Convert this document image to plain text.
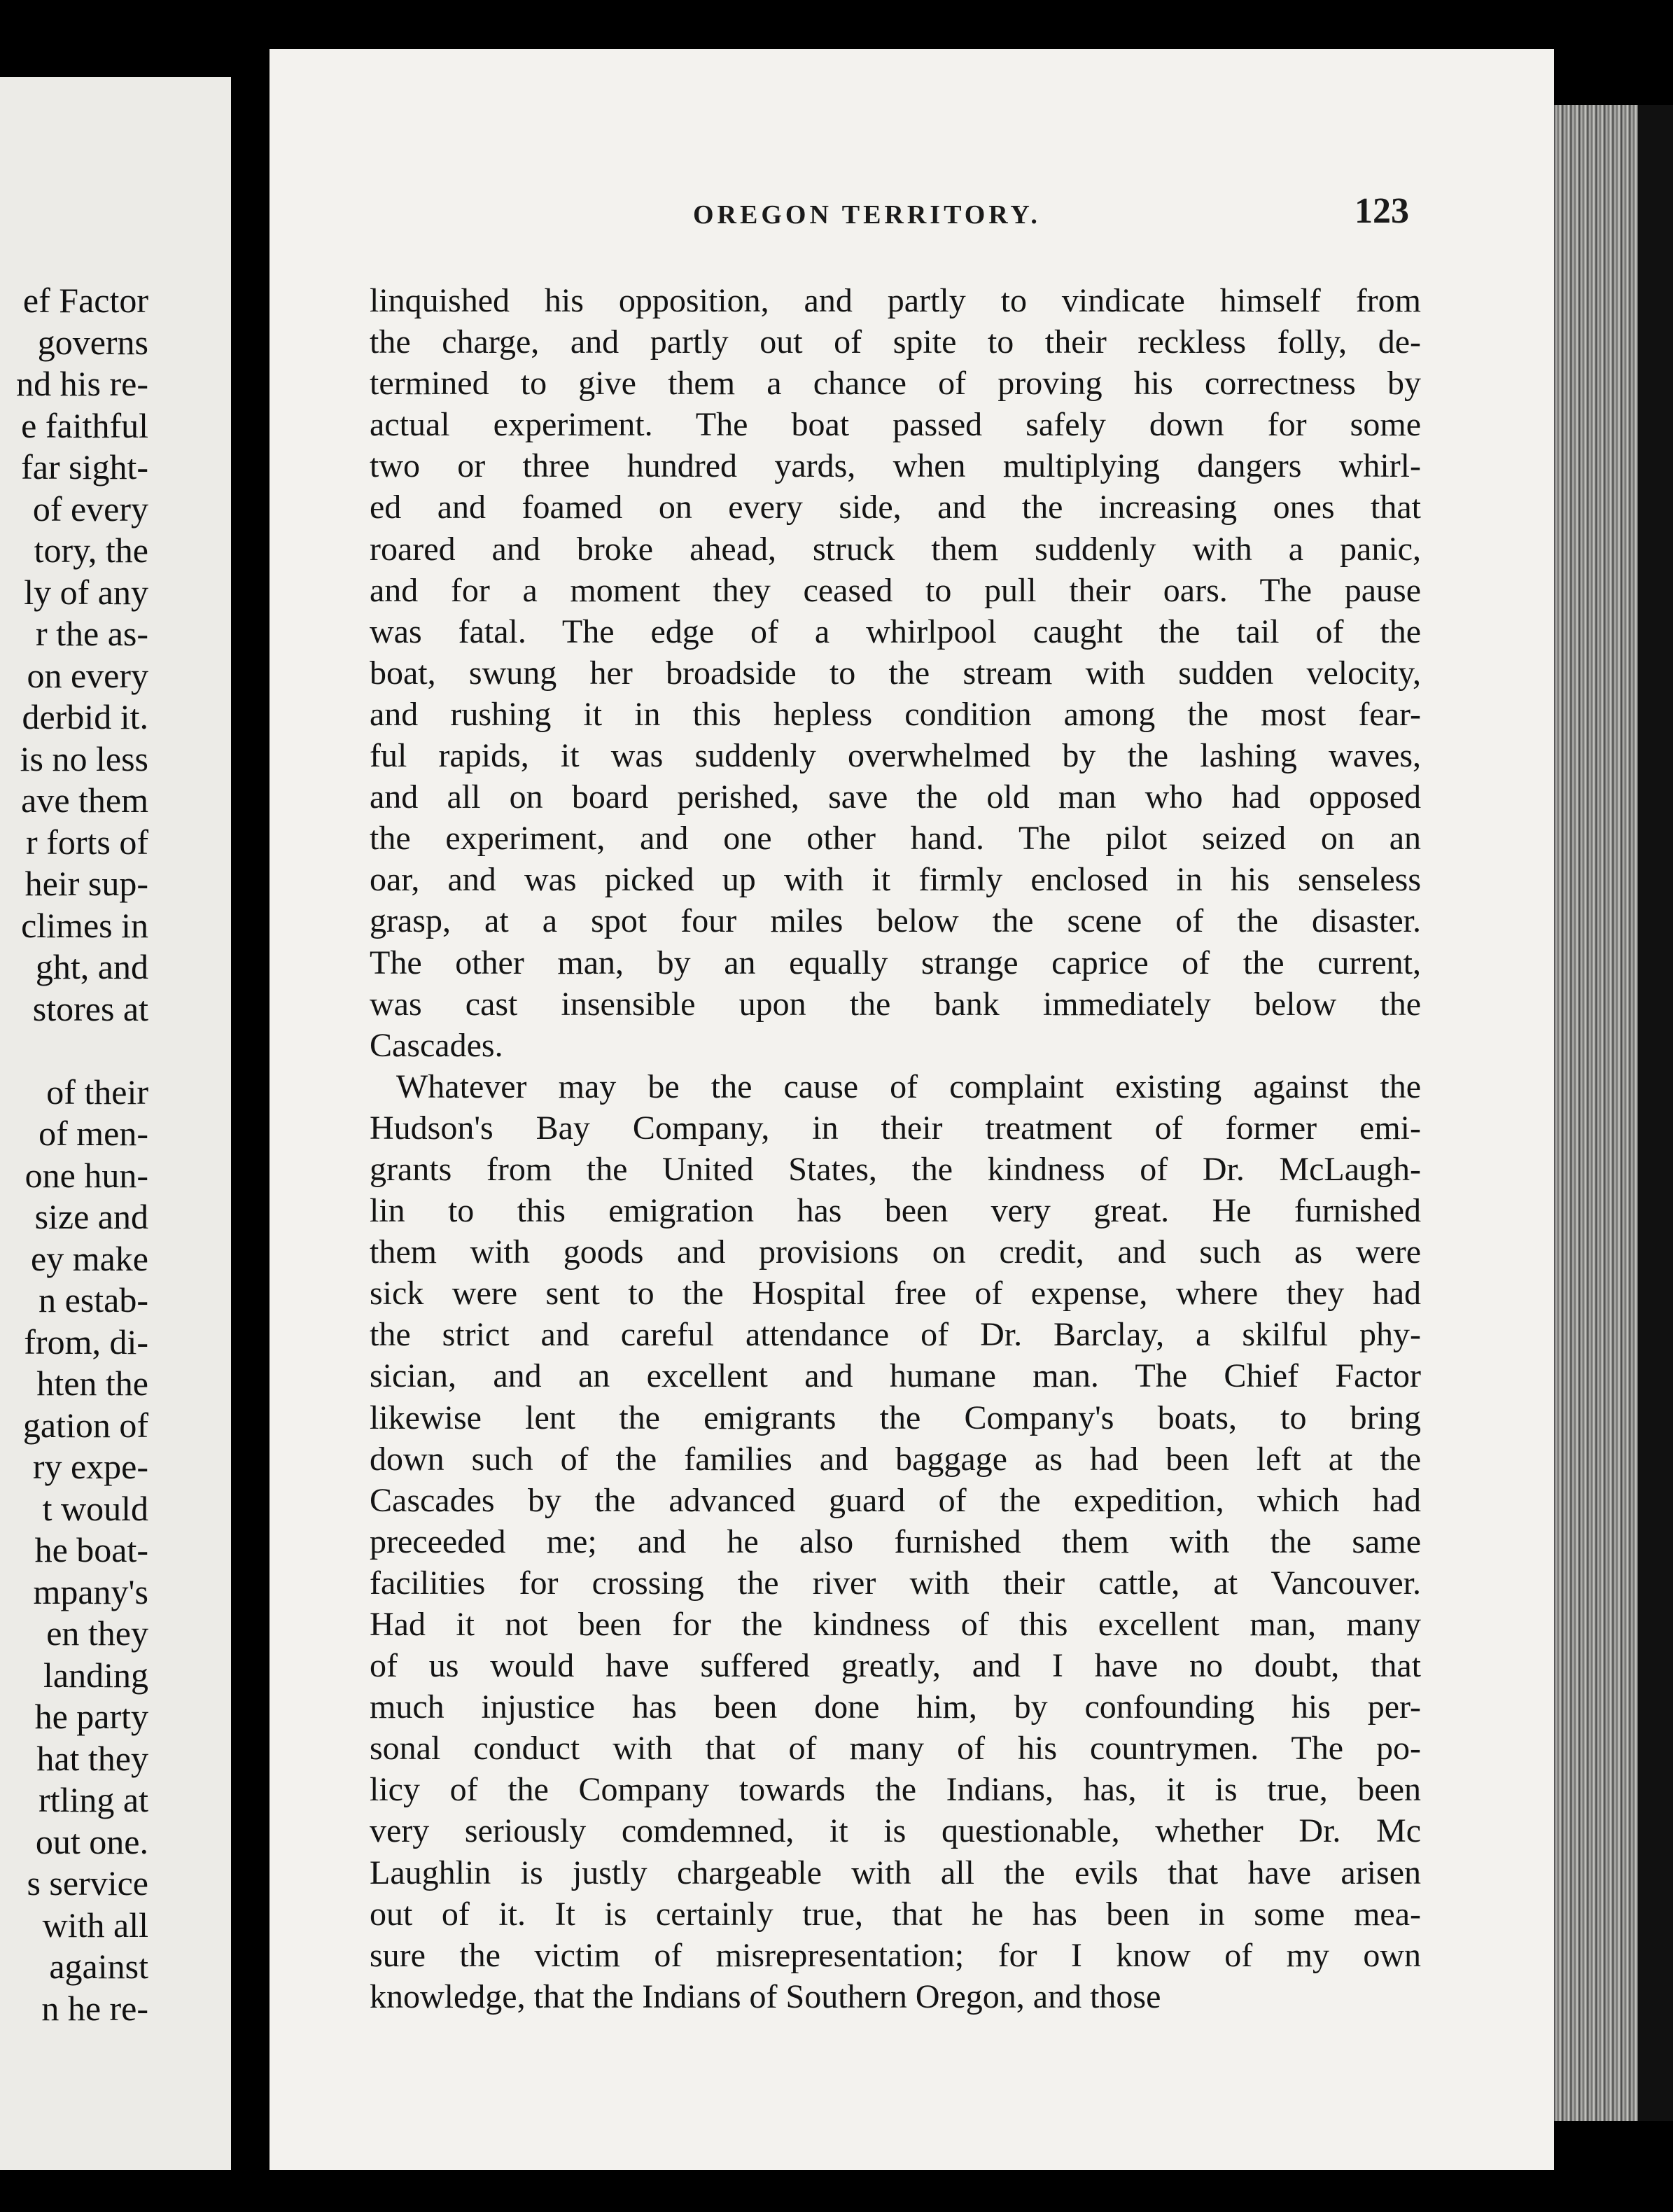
ef Factor
governs
nd his re-
e faithful
far sight-
of every
tory, the
ly of any
r the as-
on every
derbid it.
is no less
ave them
r forts of
heir sup-
climes in
ght, and
stores at

of their
of men-
one hun-
size and
ey make
n estab-
from, di-
hten the
gation of
ry expe-
t would
he boat-
mpany's
en they
landing
he party
hat they
rtling at
out one.
s service
with all
against
n he re-
OREGON TERRITORY.	123
linquished his opposition, and partly to vindicate himself from
the charge, and partly out of spite to their reckless folly, de-
termined to give them a chance of proving his correctness by
actual experiment. The boat passed safely down for some
two or three hundred yards, when multiplying dangers whirl-
ed and foamed on every side, and the increasing ones that
roared and broke ahead, struck them suddenly with a panic,
and for a moment they ceased to pull their oars. The pause
was fatal. The edge of a whirlpool caught the tail of the
boat, swung her broadside to the stream with sudden velocity,
and rushing it in this hepless condition among the most fear-
ful rapids, it was suddenly overwhelmed by the lashing waves,
and all on board perished, save the old man who had opposed
the experiment, and one other hand. The pilot seized on an
oar, and was picked up with it firmly enclosed in his senseless
grasp, at a spot four miles below the scene of the disaster.
The other man, by an equally strange caprice of the current,
was cast insensible upon the bank immediately below the
Cascades.
Whatever may be the cause of complaint existing against the
Hudson's Bay Company, in their treatment of former emi-
grants from the United States, the kindness of Dr. McLaugh-
lin to this emigration has been very great. He furnished
them with goods and provisions on credit, and such as were
sick were sent to the Hospital free of expense, where they had
the strict and careful attendance of Dr. Barclay, a skilful phy-
sician, and an excellent and humane man. The Chief Factor
likewise lent the emigrants the Company's boats, to bring
down such of the families and baggage as had been left at the
Cascades by the advanced guard of the expedition, which had
preceeded me; and he also furnished them with the same
facilities for crossing the river with their cattle, at Vancouver.
Had it not been for the kindness of this excellent man, many
of us would have suffered greatly, and I have no doubt, that
much injustice has been done him, by confounding his per-
sonal conduct with that of many of his countrymen. The po-
licy of the Company towards the Indians, has, it is true, been
very seriously comdemned, it is questionable, whether Dr. Mc
Laughlin is justly chargeable with all the evils that have arisen
out of it. It is certainly true, that he has been in some mea-
sure the victim of misrepresentation; for I know of my own
knowledge, that the Indians of Southern Oregon, and those
